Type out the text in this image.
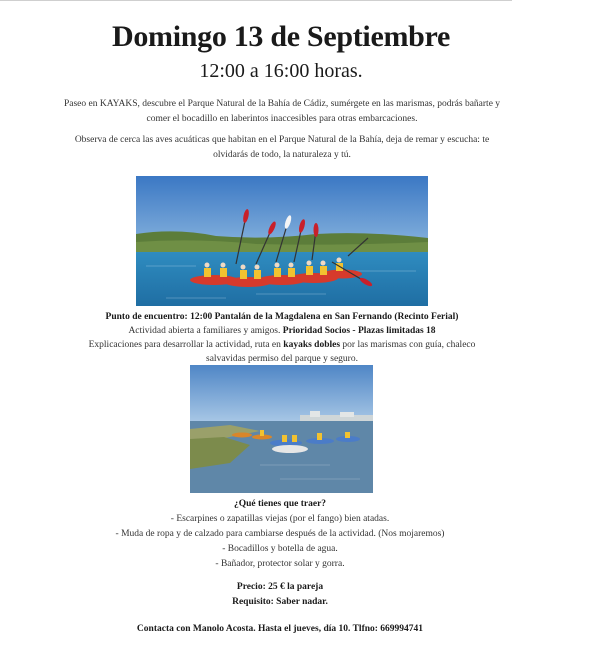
Domingo 13 de Septiembre
12:00 a 16:00 horas.
Paseo en KAYAKS, descubre el Parque Natural de la Bahía de Cádiz, sumérgete en las marismas, podrás bañarte y comer el bocadillo en laberintos inaccesibles para otras embarcaciones.
Observa de cerca las aves acuáticas que habitan en el Parque Natural de la Bahía, deja de remar y escucha: te olvidarás de todo, la naturaleza y tú.
Punto de encuentro: 12:00 Pantalán de la Magdalena en San Fernando (Recinto Ferial)
Actividad abierta a familiares y amigos. Prioridad Socios - Plazas limitadas 18
Explicaciones para desarrollar la actividad, ruta en kayaks dobles por las marismas con guía, chaleco salvavidas permiso del parque y seguro.
¿Qué tienes que traer?
- Escarpines o zapatillas viejas (por el fango) bien atadas.
- Muda de ropa y de calzado para cambiarse después de la actividad. (Nos mojaremos)
- Bocadillos y botella de agua.
- Bañador, protector solar y gorra.
Precio: 25 € la pareja
Requisito: Saber nadar.
Contacta con Manolo Acosta. Hasta el jueves, día 10. Tlfno: 669994741
